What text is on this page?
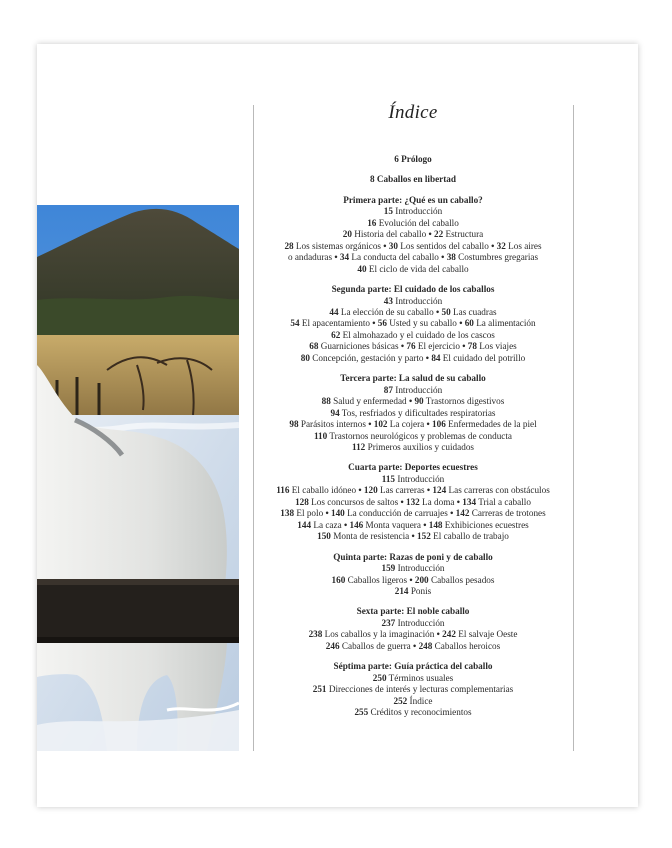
Índice
6 Prólogo
8 Caballos en libertad
Primera parte: ¿Qué es un caballo?
15 Introducción
16 Evolución del caballo
20 Historia del caballo • 22 Estructura
28 Los sistemas orgánicos • 30 Los sentidos del caballo • 32 Los aires
o andaduras • 34 La conducta del caballo • 38 Costumbres gregarias
40 El ciclo de vida del caballo
Segunda parte: El cuidado de los caballos
43 Introducción
44 La elección de su caballo • 50 Las cuadras
54 El apacentamiento • 56 Usted y su caballo • 60 La alimentación
62 El almohazado y el cuidado de los cascos
68 Guarniciones básicas • 76 El ejercicio • 78 Los viajes
80 Concepción, gestación y parto • 84 El cuidado del potrillo
Tercera parte: La salud de su caballo
87 Introducción
88 Salud y enfermedad • 90 Trastornos digestivos
94 Tos, resfriados y dificultades respiratorias
98 Parásitos internos • 102 La cojera • 106 Enfermedades de la piel
110 Trastornos neurológicos y problemas de conducta
112 Primeros auxilios y cuidados
Cuarta parte: Deportes ecuestres
115 Introducción
116 El caballo idóneo • 120 Las carreras • 124 Las carreras con obstáculos
128 Los concursos de saltos • 132 La doma • 134 Trial a caballo
138 El polo • 140 La conducción de carruajes • 142 Carreras de trotones
144 La caza • 146 Monta vaquera • 148 Exhibiciones ecuestres
150 Monta de resistencia • 152 El caballo de trabajo
Quinta parte: Razas de poni y de caballo
159 Introducción
160 Caballos ligeros • 200 Caballos pesados
214 Ponis
Sexta parte: El noble caballo
237 Introducción
238 Los caballos y la imaginación • 242 El salvaje Oeste
246 Caballos de guerra • 248 Caballos heroicos
Séptima parte: Guía práctica del caballo
250 Términos usuales
251 Direcciones de interés y lecturas complementarias
252 Índice
255 Créditos y reconocimientos
